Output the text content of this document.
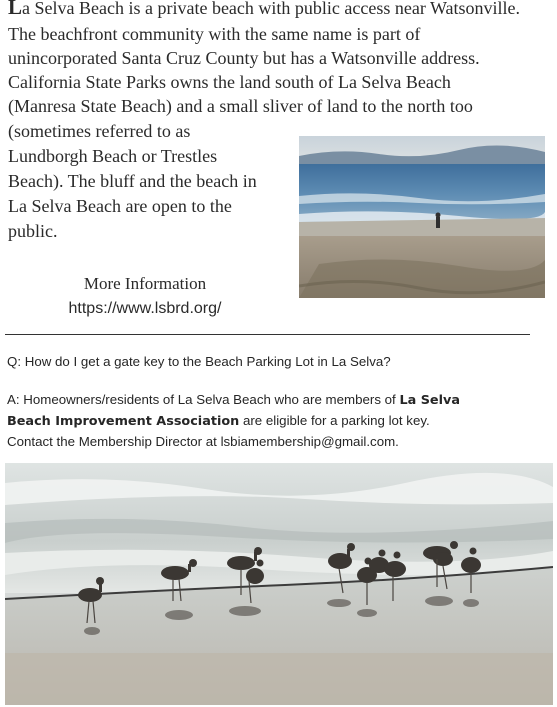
La Selva Beach is a private beach with public access near Watsonville.

The beachfront community with the same name is part of

unincorporated Santa Cruz County but has a Watsonville address.

California State Parks owns the land south of La Selva Beach

(Manresa State Beach) and a small sliver of land to the north too

(sometimes referred to as

Lundborgh Beach or Trestles

Beach). The bluff and the beach in

La Selva Beach are open to the

public.

More Information
https://www.lsbrd.org/
Q: How do I get a gate key to the Beach Parking Lot in La Selva?
A: Homeowners/residents of La Selva Beach who are members of La Selva
Beach Improvement Association are eligible for a parking lot key.
Contact the Membership Director at lsbiamembership@gmail.com.
